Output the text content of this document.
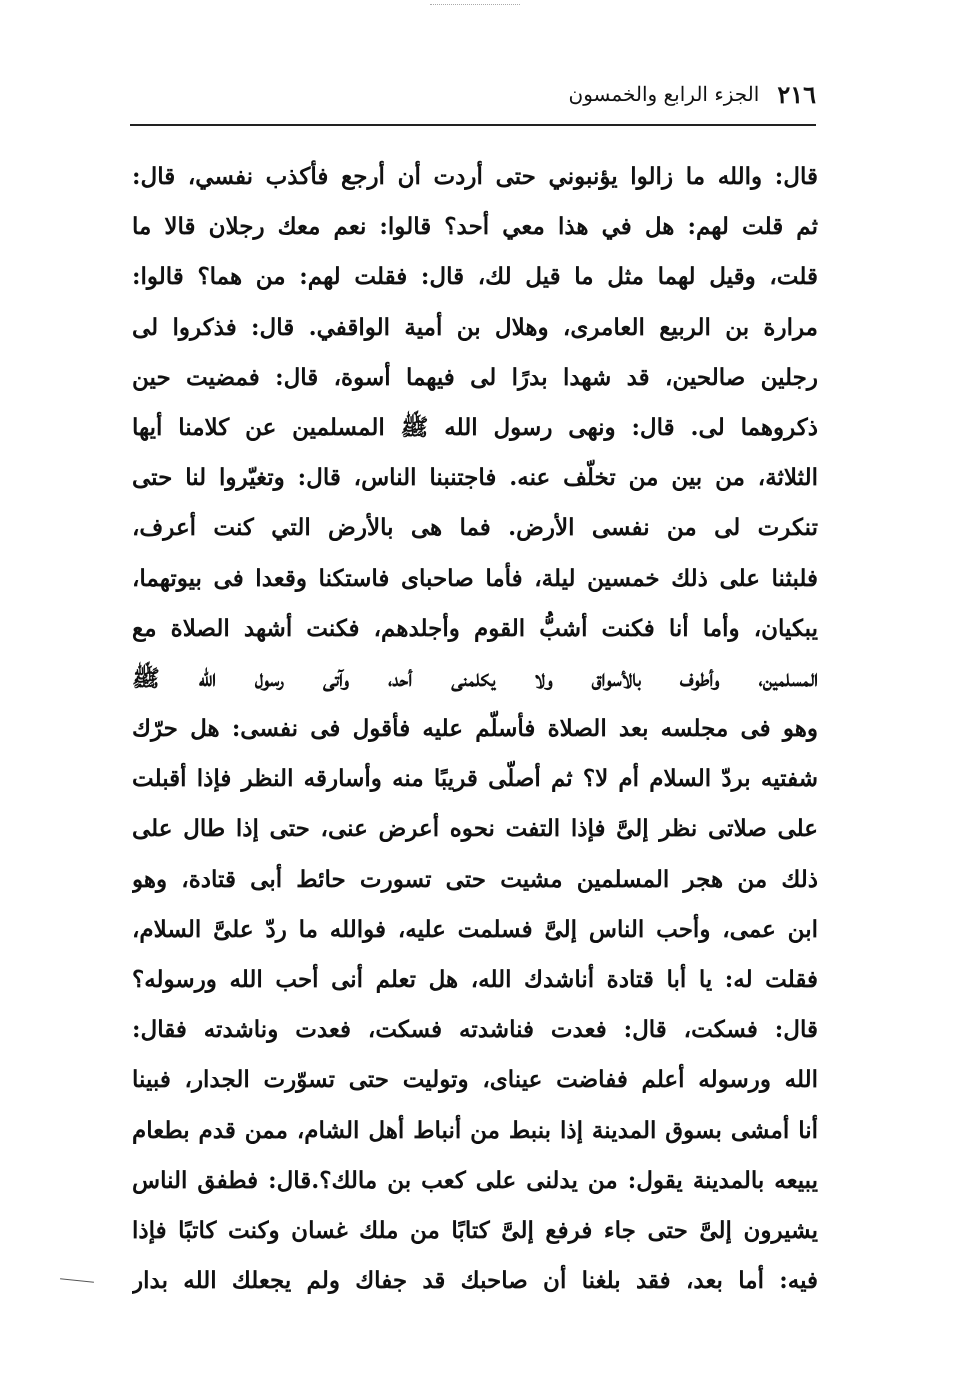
٢١٦
الجزء الرابع والخمسون
قال: والله ما زالوا يؤنبوني حتى أردت أن أرجع فأكذب نفسي، قال:
ثم قلت لهم: هل في هذا معي أحد؟ قالوا: نعم معك رجلان قالا ما
قلت، وقيل لهما مثل ما قيل لك، قال: فقلت لهم: من هما؟ قالوا:
مرارة بن الربيع العامرى، وهلال بن أمية الواقفي. قال: فذكروا لى
رجلين صالحين، قد شهدا بدرًا لى فيهما أسوة، قال: فمضيت حين
ذكروهما لى. قال: ونهى رسول الله ﷺ المسلمين عن كلامنا أيها
الثلاثة، من بين من تخلّف عنه. فاجتنبنا الناس، قال: وتغيّروا لنا حتى
تنكرت لى من نفسى الأرض. فما هى بالأرض التي كنت أعرف،
فلبثنا على ذلك خمسين ليلة، فأما صاحباى فاستكنا وقعدا فى بيوتهما،
يبكيان، وأما أنا فكنت أشبُّ القوم وأجلدهم، فكنت أشهد الصلاة مع
المسلمين، وأطوف بالأسواق ولا يكلمنى أحد، وآتى رسول الله ﷺ
وهو فى مجلسه بعد الصلاة فأسلّم عليه فأقول فى نفسى: هل حرّك
شفتيه بردّ السلام أم لا؟ ثم أصلّى قريبًا منه وأسارقه النظر فإذا أقبلت
على صلاتى نظر إلىَّ فإذا التفت نحوه أعرض عنى، حتى إذا طال على
ذلك من هجر المسلمين مشيت حتى تسورت حائط أبى قتادة، وهو
ابن عمى، وأحب الناس إلىَّ فسلمت عليه، فوالله ما ردّ علىَّ السلام،
فقلت له: يا أبا قتادة أناشدك الله، هل تعلم أنى أحب الله ورسوله؟
قال: فسكت، قال: فعدت فناشدته فسكت، فعدت وناشدته فقال:
الله ورسوله أعلم ففاضت عيناى، وتوليت حتى تسوّرت الجدار، فبينا
أنا أمشى بسوق المدينة إذا بنبط من أنباط أهل الشام، ممن قدم بطعام
يبيعه بالمدينة يقول: من يدلنى على كعب بن مالك؟.قال: فطفق الناس
يشيرون إلىَّ حتى جاء فرفع إلىَّ كتابًا من ملك غسان وكنت كاتبًا فإذا
فيه: أما بعد، فقد بلغنا أن صاحبك قد جفاك ولم يجعلك الله بدار
